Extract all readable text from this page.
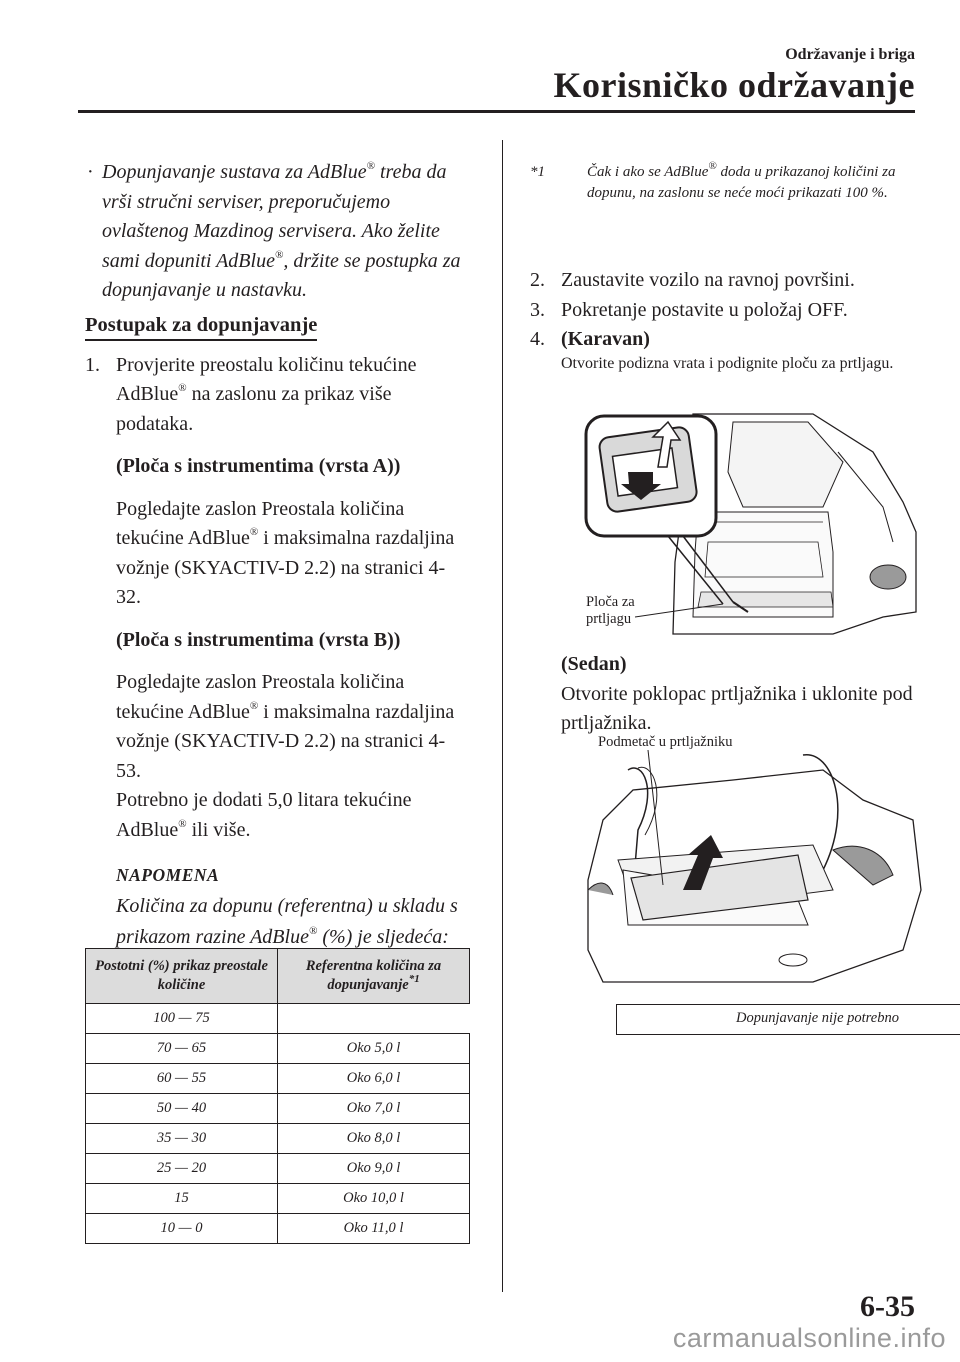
Održavanje i briga
Korisničko održavanje
· Dopunjavanje sustava za AdBlue® treba da vrši stručni serviser, preporučujemo ovlaštenog Mazdinog servisera. Ako želite sami dopuniti AdBlue®, držite se postupka za dopunjavanje u nastavku.
Postupak za dopunjavanje
1. Provjerite preostalu količinu tekućine AdBlue® na zaslonu za prikaz više podataka.
(Ploča s instrumentima (vrsta A))
Pogledajte zaslon Preostala količina tekućine AdBlue® i maksimalna razdaljina vožnje (SKYACTIV-D 2.2) na stranici 4-32.
(Ploča s instrumentima (vrsta B))
Pogledajte zaslon Preostala količina tekućine AdBlue® i maksimalna razdaljina vožnje (SKYACTIV-D 2.2) na stranici 4-53.
Potrebno je dodati 5,0 litara tekućine AdBlue® ili više.
NAPOMENA
Količina za dopunu (referentna) u skladu s prikazom razine AdBlue® (%) je sljedeća:
Postotni (%) prikaz preostale količine	Referentna količina za dopunjavanje$^{*1}$
100 — 75		Dopunjavanje nije potrebno

70 — 65	Oko 5,0 l
60 — 55	Oko 6,0 l
50 — 40	Oko 7,0 l
35 — 30	Oko 8,0 l
25 — 20	Oko 9,0 l
15	Oko 10,0 l
10 — 0	Oko 11,0 l
*1	Čak i ako se AdBlue® doda u prikazanoj količini za dopunu, na zaslonu se neće moći prikazati 100 %.
2. Zaustavite vozilo na ravnoj površini.
3. Pokretanje postavite u položaj OFF.
4. (Karavan)
Otvorite podizna vrata i podignite ploču za prtljagu.
Ploča za
prtljagu
(Sedan)
Otvorite poklopac prtljažnika i uklonite pod prtljažnika.
Podmetač u prtljažniku
6-35
carmanualsonline.info
